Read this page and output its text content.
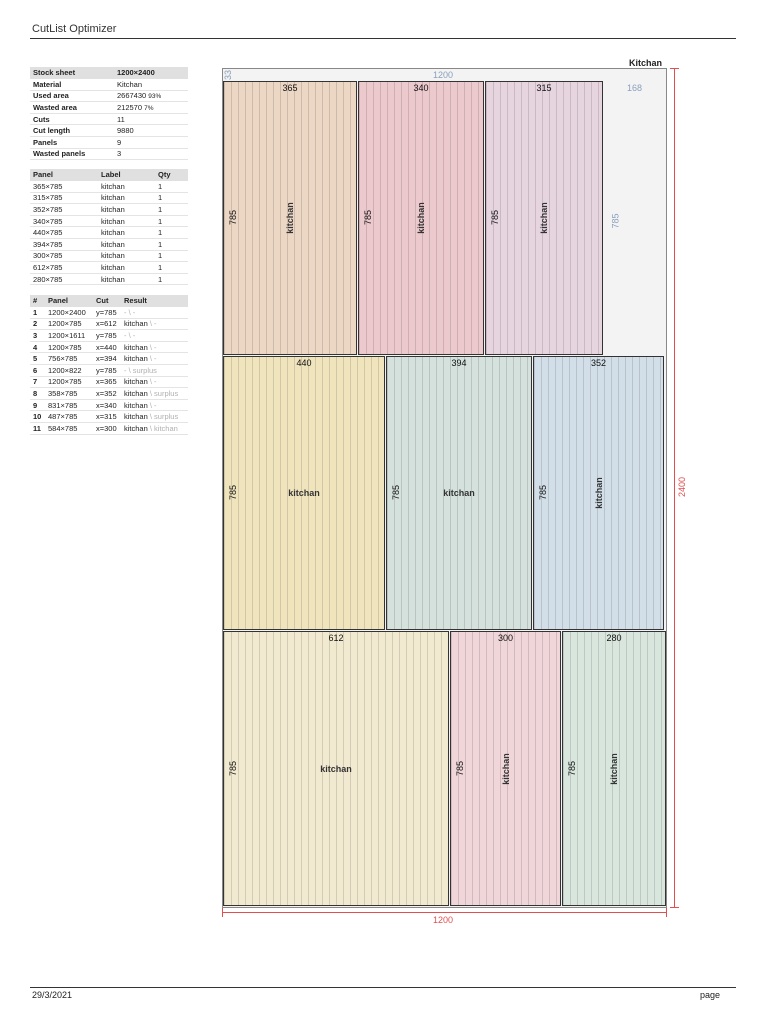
CutList Optimizer
Stock sheet	1200×2400
Material	Kitchan
Used area	2667430 93%
Wasted area	212570 7%
Cuts	11
Cut length	9880
Panels	9
Wasted panels	3
Panel	Label	Qty
365×785	kitchan	1
315×785	kitchan	1
352×785	kitchan	1
340×785	kitchan	1
440×785	kitchan	1
394×785	kitchan	1
300×785	kitchan	1
612×785	kitchan	1
280×785	kitchan	1
#	Panel	Cut	Result
1	1200×2400	y=785	- \ -
2	1200×785	x=612	kitchan \ -
3	1200×1611	y=785	- \ -
4	1200×785	x=440	kitchan \ -
5	756×785	x=394	kitchan \ -
6	1200×822	y=785	- \ surplus
7	1200×785	x=365	kitchan \ -
8	358×785	x=352	kitchan \ surplus
9	831×785	x=340	kitchan \ -
10	487×785	x=315	kitchan \ surplus
11	584×785	x=300	kitchan \ kitchan
Kitchan
33	1200
168
785
365
785	kitchan
340
785	kitchan
315
785	kitchan
440
785	kitchan
394
785	kitchan
352
785	kitchan
612
785	kitchan
300
785	kitchan
280
785	kitchan
1200
2400
29/3/2021	page
